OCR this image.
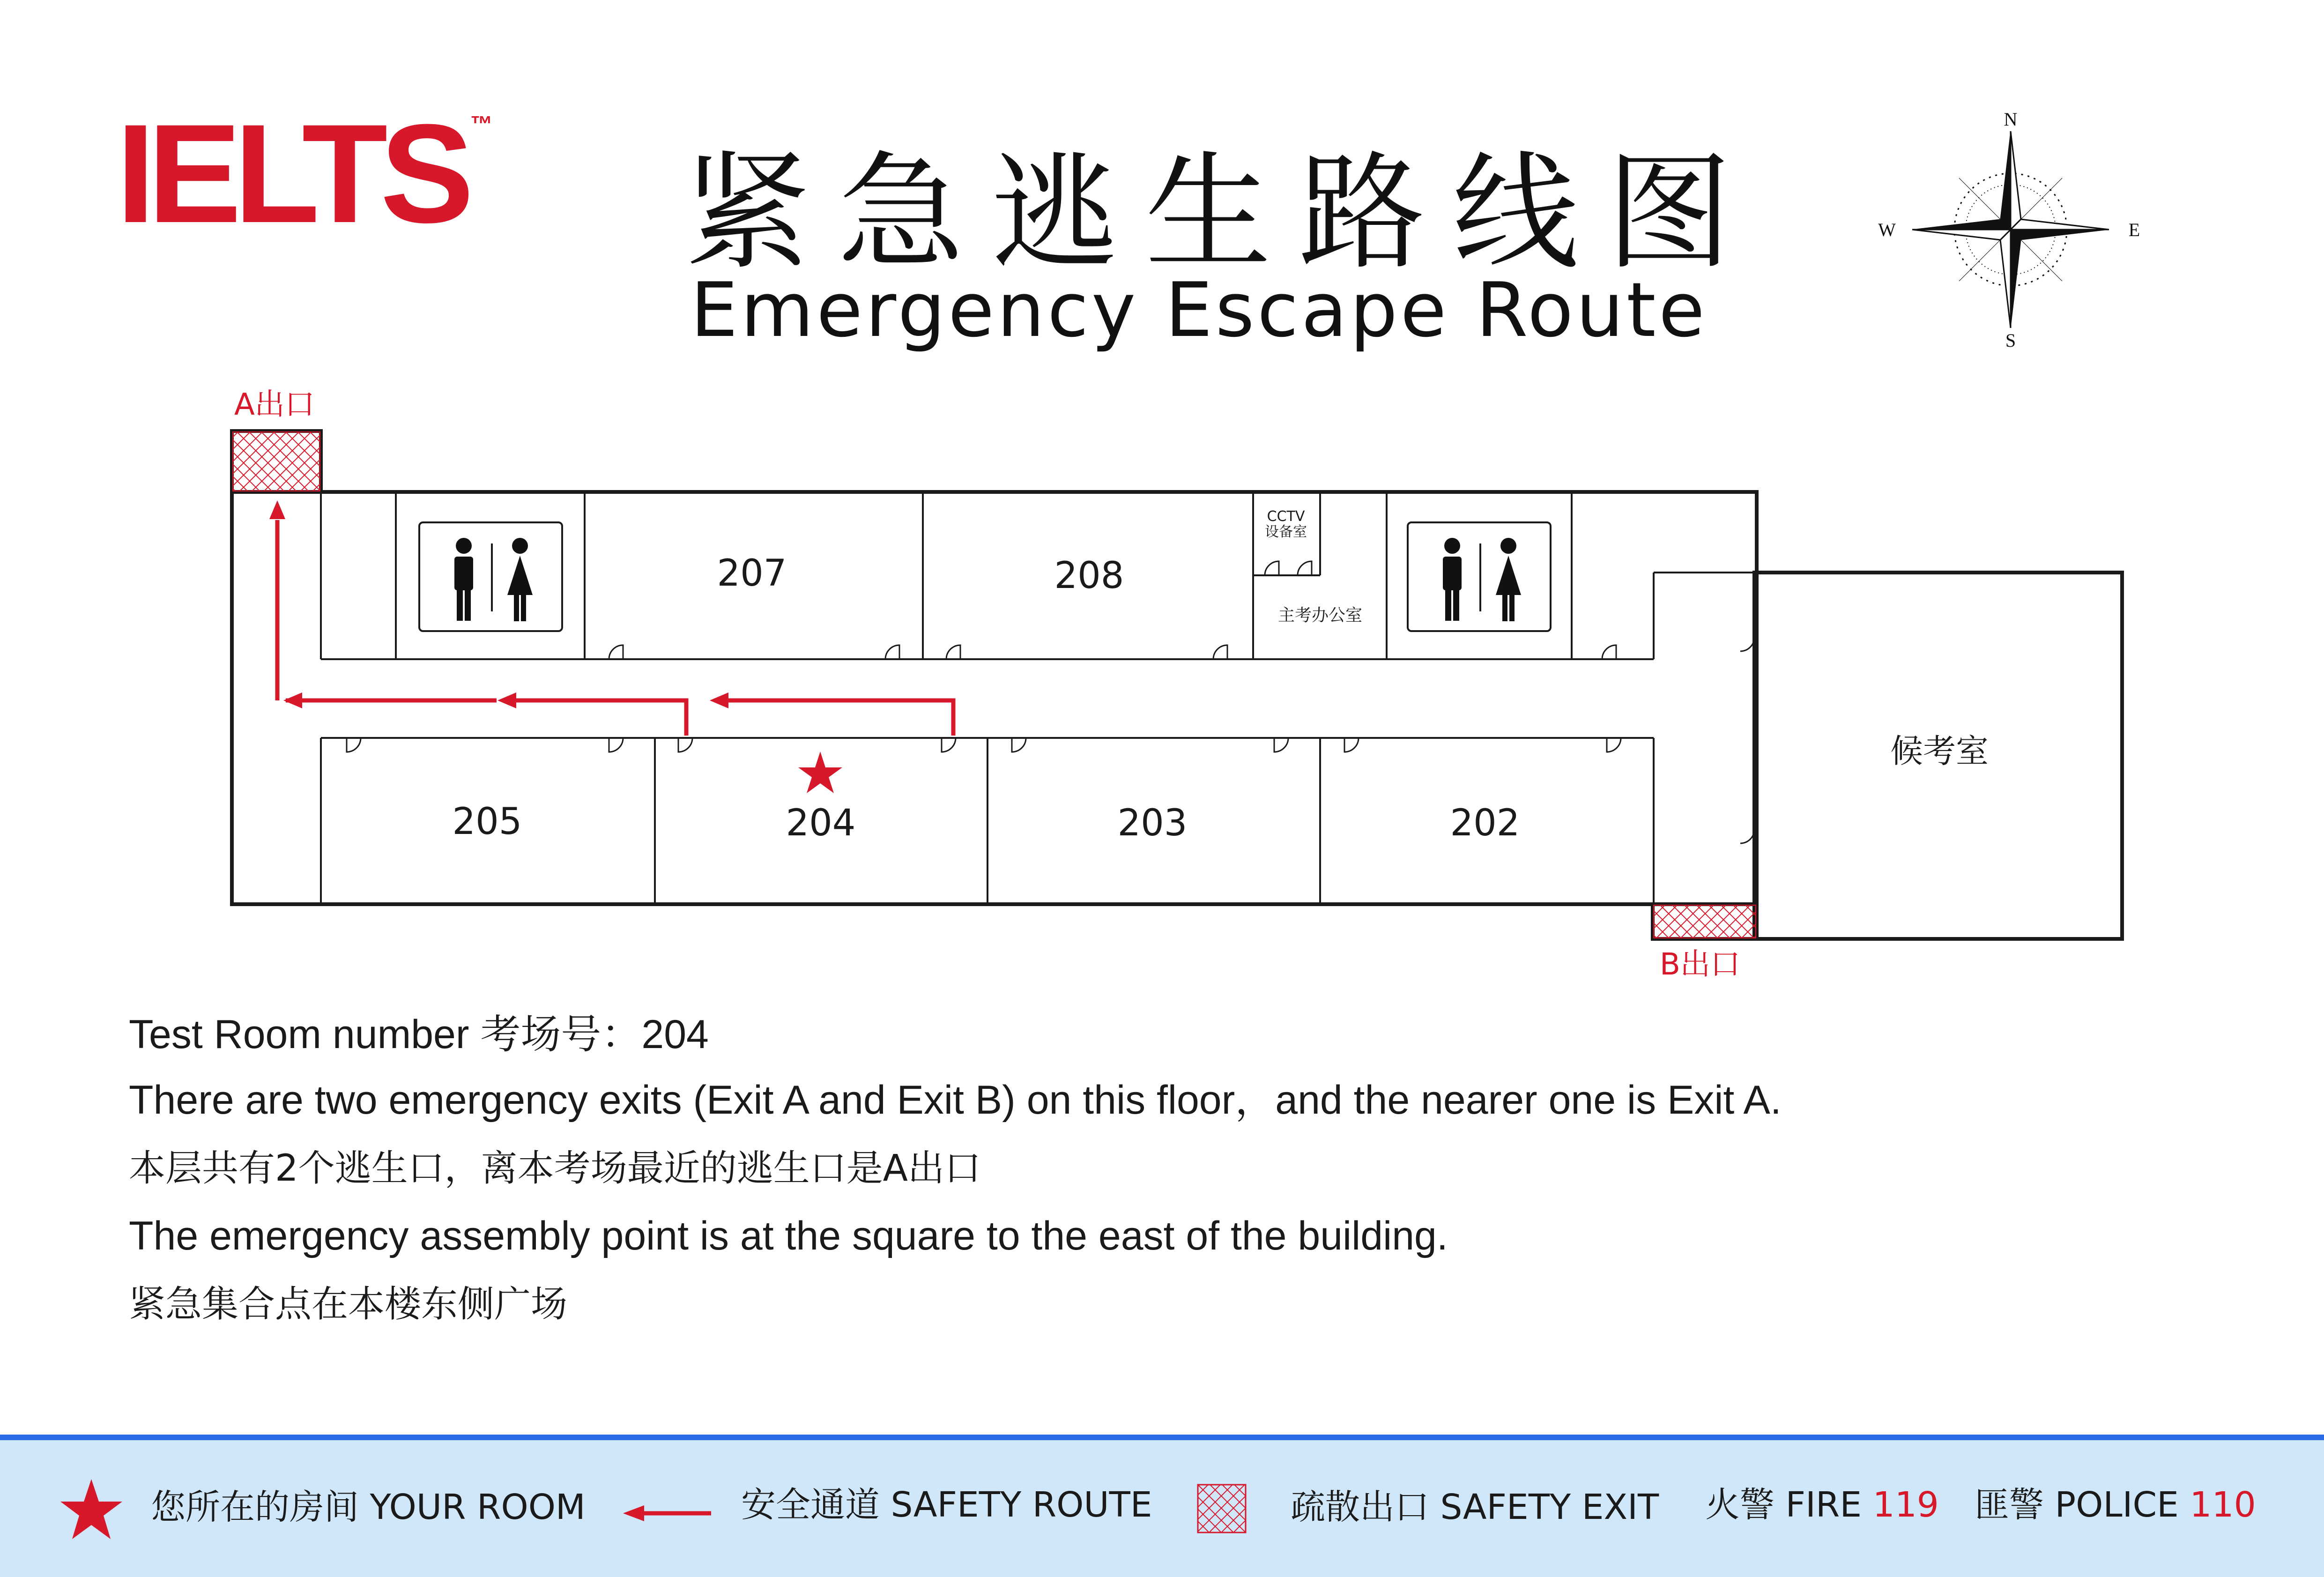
IELTS ™
紧急逃生路线图
Emergency Escape Route
N
S
E
W
A出口
B出口
207	208
205	204	203	202
候考室
CCTV
设备室
主考办公室
Test Room number 考场号：204
There are two emergency exits (Exit A and Exit B) on this floor，and the nearer one is Exit A.
本层共有2个逃生口，离本考场最近的逃生口是A出口
The emergency assembly point is at the square to the east of the building.
紧急集合点在本楼东侧广场
您所在的房间 YOUR ROOM	安全通道 SAFETY ROUTE	疏散出口 SAFETY EXIT 火警 FIRE 119 匪警 POLICE 110
